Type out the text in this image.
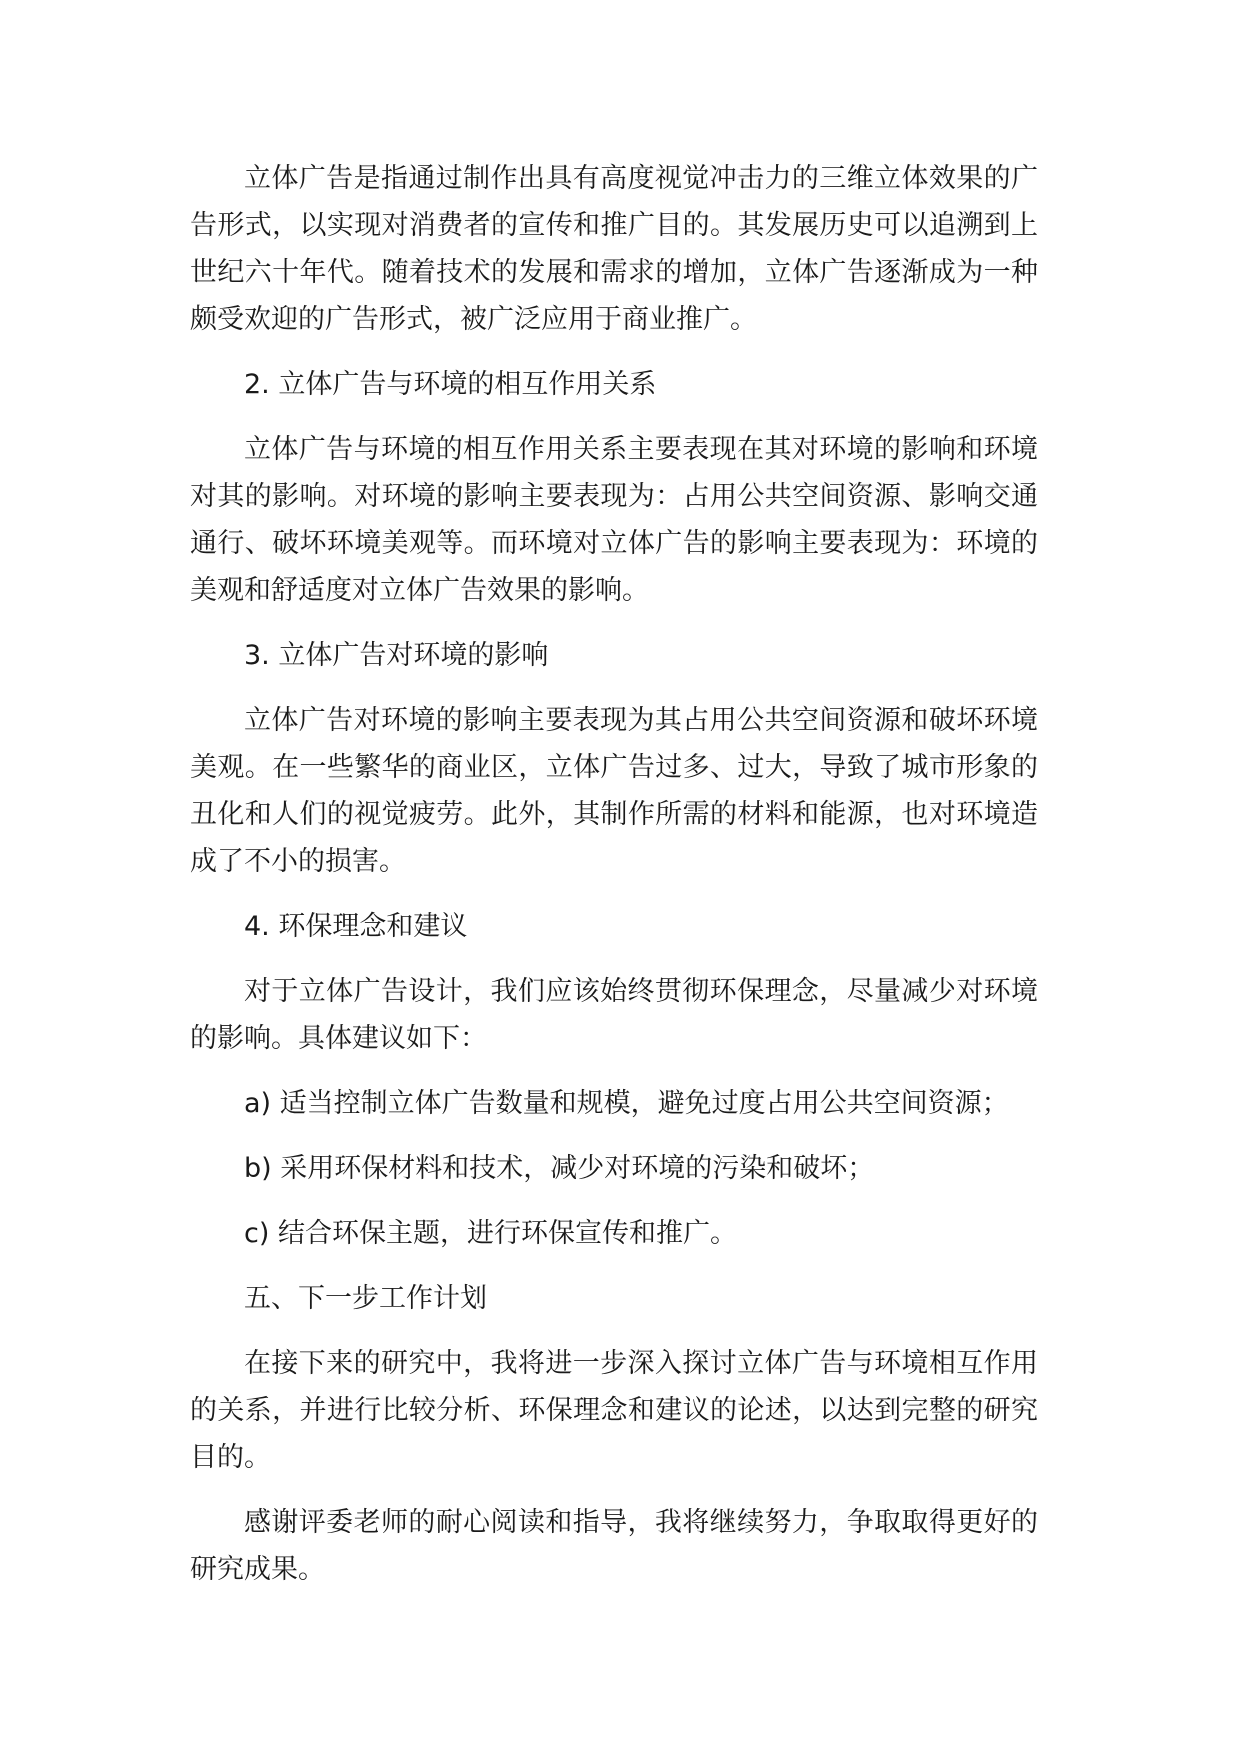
立体广告是指通过制作出具有高度视觉冲击力的三维立体效果的广告形式，以实现对消费者的宣传和推广目的。其发展历史可以追溯到上世纪六十年代。随着技术的发展和需求的增加，立体广告逐渐成为一种颇受欢迎的广告形式，被广泛应用于商业推广。

2. 立体广告与环境的相互作用关系

立体广告与环境的相互作用关系主要表现在其对环境的影响和环境对其的影响。对环境的影响主要表现为：占用公共空间资源、影响交通通行、破坏环境美观等。而环境对立体广告的影响主要表现为：环境的美观和舒适度对立体广告效果的影响。

3. 立体广告对环境的影响

立体广告对环境的影响主要表现为其占用公共空间资源和破坏环境美观。在一些繁华的商业区，立体广告过多、过大，导致了城市形象的丑化和人们的视觉疲劳。此外，其制作所需的材料和能源，也对环境造成了不小的损害。

4. 环保理念和建议

对于立体广告设计，我们应该始终贯彻环保理念，尽量减少对环境的影响。具体建议如下：

a) 适当控制立体广告数量和规模，避免过度占用公共空间资源；

b) 采用环保材料和技术，减少对环境的污染和破坏；

c) 结合环保主题，进行环保宣传和推广。

五、下一步工作计划

在接下来的研究中，我将进一步深入探讨立体广告与环境相互作用的关系，并进行比较分析、环保理念和建议的论述，以达到完整的研究目的。

感谢评委老师的耐心阅读和指导，我将继续努力，争取取得更好的研究成果。
